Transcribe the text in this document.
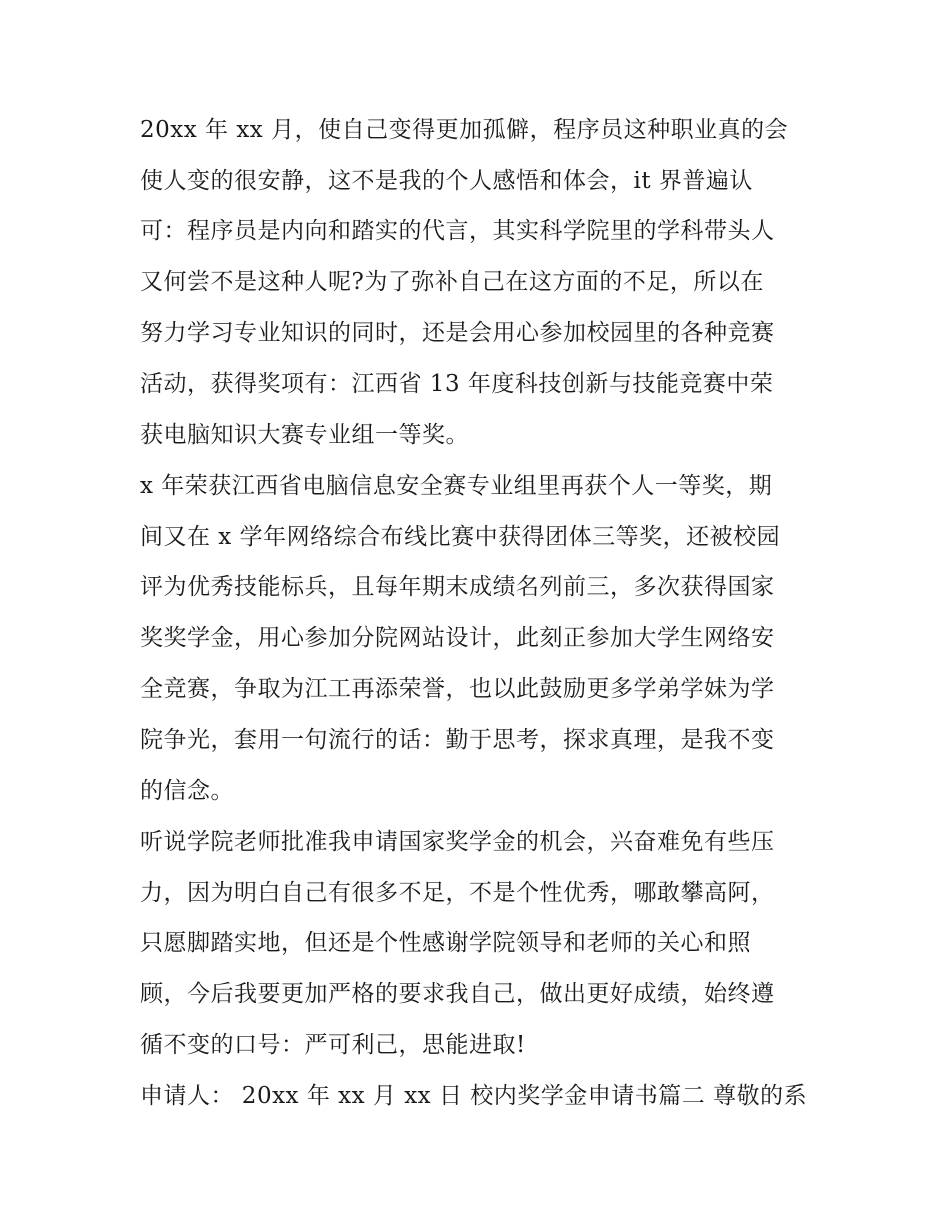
20xx 年 xx 月，使自己变得更加孤僻，程序员这种职业真的会
使人变的很安静，这不是我的个人感悟和体会，it 界普遍认
可：程序员是内向和踏实的代言，其实科学院里的学科带头人
又何尝不是这种人呢?为了弥补自己在这方面的不足，所以在
努力学习专业知识的同时，还是会用心参加校园里的各种竞赛
活动，获得奖项有：江西省 13 年度科技创新与技能竞赛中荣
获电脑知识大赛专业组一等奖。
x 年荣获江西省电脑信息安全赛专业组里再获个人一等奖，期
间又在 x 学年网络综合布线比赛中获得团体三等奖，还被校园
评为优秀技能标兵，且每年期末成绩名列前三，多次获得国家
奖奖学金，用心参加分院网站设计，此刻正参加大学生网络安
全竞赛，争取为江工再添荣誉，也以此鼓励更多学弟学妹为学
院争光，套用一句流行的话：勤于思考，探求真理，是我不变
的信念。
听说学院老师批准我申请国家奖学金的机会，兴奋难免有些压
力，因为明白自己有很多不足，不是个性优秀，哪敢攀高阿，
只愿脚踏实地，但还是个性感谢学院领导和老师的关心和照
顾，今后我要更加严格的要求我自己，做出更好成绩，始终遵
循不变的口号：严可利己，思能进取!
申请人： 20xx 年 xx 月 xx 日 校内奖学金申请书篇二 尊敬的系
